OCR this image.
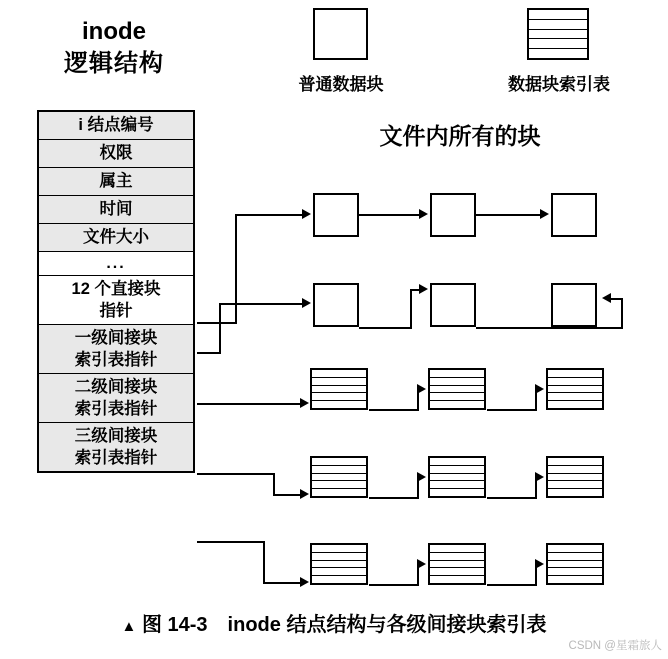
普通数据块	数据块索引表
inode
逻辑结构
i 结点编号
权限
属主
时间
文件大小
...
12 个直接块
指针
一级间接块
索引表指针
二级间接块
索引表指针
三级间接块
索引表指针
文件内所有的块
▲ 图 14-3　inode 结点结构与各级间接块索引表
CSDN @星霜旅人
